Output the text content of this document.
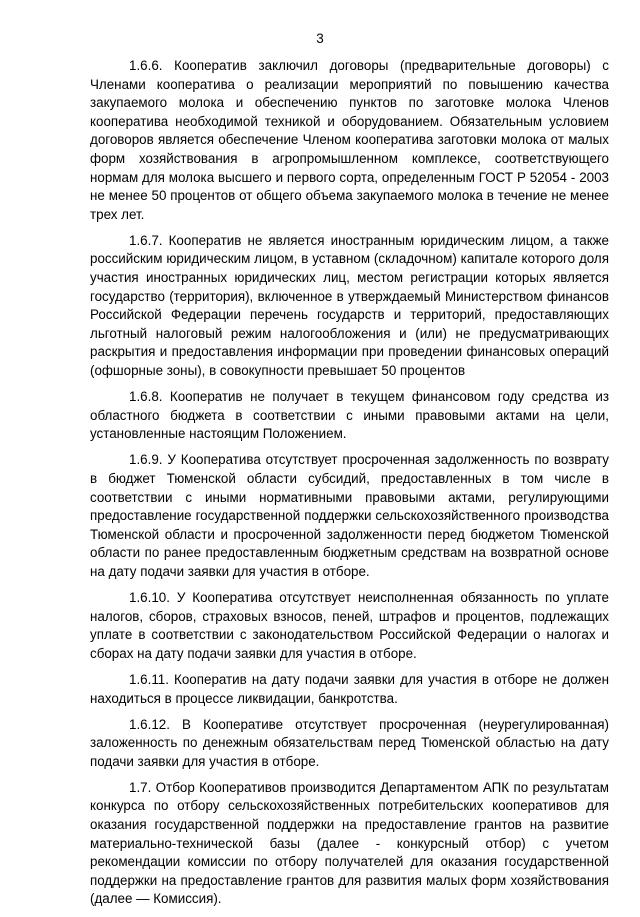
3

1.6.6. Кооператив заключил договоры (предварительные договоры) с Членами кооператива о реализации мероприятий по повышению качества закупаемого молока и обеспечению пунктов по заготовке молока Членов кооператива необходимой техникой и оборудованием. Обязательным условием договоров является обеспечение Членом кооператива заготовки молока от малых форм хозяйствования в агропромышленном комплексе, соответствующего нормам для молока высшего и первого сорта, определенным ГОСТ Р 52054 - 2003 не менее 50 процентов от общего объема закупаемого молока в течение не менее трех лет.

1.6.7. Кооператив не является иностранным юридическим лицом, а также российским юридическим лицом, в уставном (складочном) капитале которого доля участия иностранных юридических лиц, местом регистрации которых является государство (территория), включенное в утверждаемый Министерством финансов Российской Федерации перечень государств и территорий, предоставляющих льготный налоговый режим налогообложения и (или) не предусматривающих раскрытия и предоставления информации при проведении финансовых операций (офшорные зоны), в совокупности превышает 50 процентов

1.6.8. Кооператив не получает в текущем финансовом году средства из областного бюджета в соответствии с иными правовыми актами на цели, установленные настоящим Положением.

1.6.9. У Кооператива отсутствует просроченная задолженность по возврату в бюджет Тюменской области субсидий, предоставленных в том числе в соответствии с иными нормативными правовыми актами, регулирующими предоставление государственной поддержки сельскохозяйственного производства Тюменской области и просроченной задолженности перед бюджетом Тюменской области по ранее предоставленным бюджетным средствам на возвратной основе на дату подачи заявки для участия в отборе.

1.6.10. У Кооператива отсутствует неисполненная обязанность по уплате налогов, сборов, страховых взносов, пеней, штрафов и процентов, подлежащих уплате в соответствии с законодательством Российской Федерации о налогах и сборах на дату подачи заявки для участия в отборе.

1.6.11. Кооператив на дату подачи заявки для участия в отборе не должен находиться в процессе ликвидации, банкротства.

1.6.12. В Кооперативе отсутствует просроченная (неурегулированная) заложенность по денежным обязательствам перед Тюменской областью на дату подачи заявки для участия в отборе.

1.7. Отбор Кооперативов производится Департаментом АПК по результатам конкурса по отбору сельскохозяйственных потребительских кооперативов для оказания государственной поддержки на предоставление грантов на развитие материально-технической базы (далее - конкурсный отбор) с учетом рекомендации комиссии по отбору получателей для оказания государственной поддержки на предоставление грантов для развития малых форм хозяйствования (далее — Комиссия).
